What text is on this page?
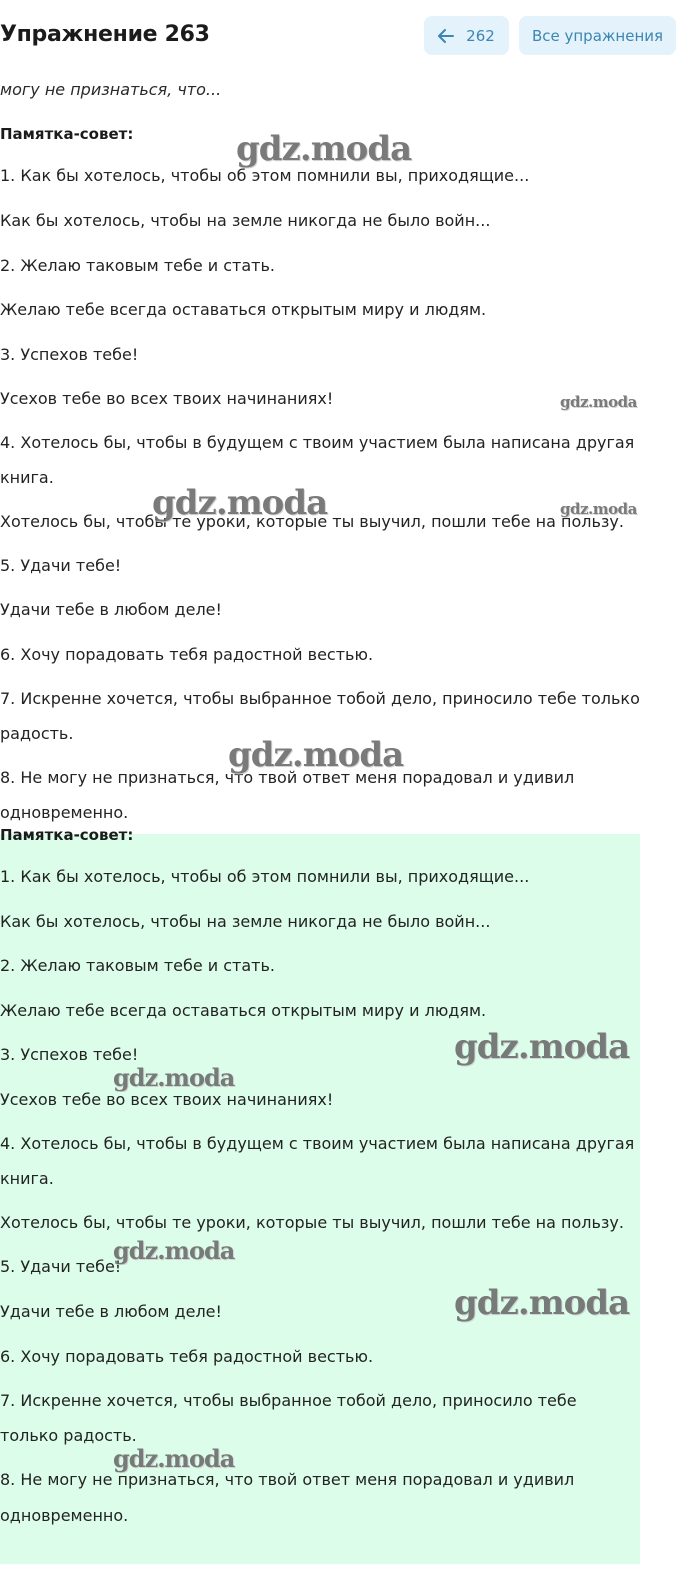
Упражнение 263	262	Все упражнения
могу не признаться, что...
Памятка-совет:
1. Как бы хотелось, чтобы об этом помнили вы, приходящие...
Как бы хотелось, чтобы на земле никогда не было войн...
2. Желаю таковым тебе и стать.
Желаю тебе всегда оставаться открытым миру и людям.
3. Успехов тебе!
Усехов тебе во всех твоих начинаниях!
4. Хотелось бы, чтобы в будущем с твоим участием была написана другая
книга.
Хотелось бы, чтобы те уроки, которые ты выучил, пошли тебе на пользу.
5. Удачи тебе!
Удачи тебе в любом деле!
6. Хочу порадовать тебя радостной вестью.
7. Искренне хочется, чтобы выбранное тобой дело, приносило тебе только
радость.
8. Не могу не признаться, что твой ответ меня порадовал и удивил
одновременно.
Памятка-совет:
1. Как бы хотелось, чтобы об этом помнили вы, приходящие...
Как бы хотелось, чтобы на земле никогда не было войн...
2. Желаю таковым тебе и стать.
Желаю тебе всегда оставаться открытым миру и людям.
3. Успехов тебе!
Усехов тебе во всех твоих начинаниях!
4. Хотелось бы, чтобы в будущем с твоим участием была написана другая
книга.
Хотелось бы, чтобы те уроки, которые ты выучил, пошли тебе на пользу.
5. Удачи тебе!
Удачи тебе в любом деле!
6. Хочу порадовать тебя радостной вестью.
7. Искренне хочется, чтобы выбранное тобой дело, приносило тебе
только радость.
8. Не могу не признаться, что твой ответ меня порадовал и удивил
одновременно.
gdz.moda
gdz.moda
gdz.moda	gdz.moda
gdz.moda
gdz.moda
gdz.moda
gdz.moda
gdz.moda
gdz.moda
